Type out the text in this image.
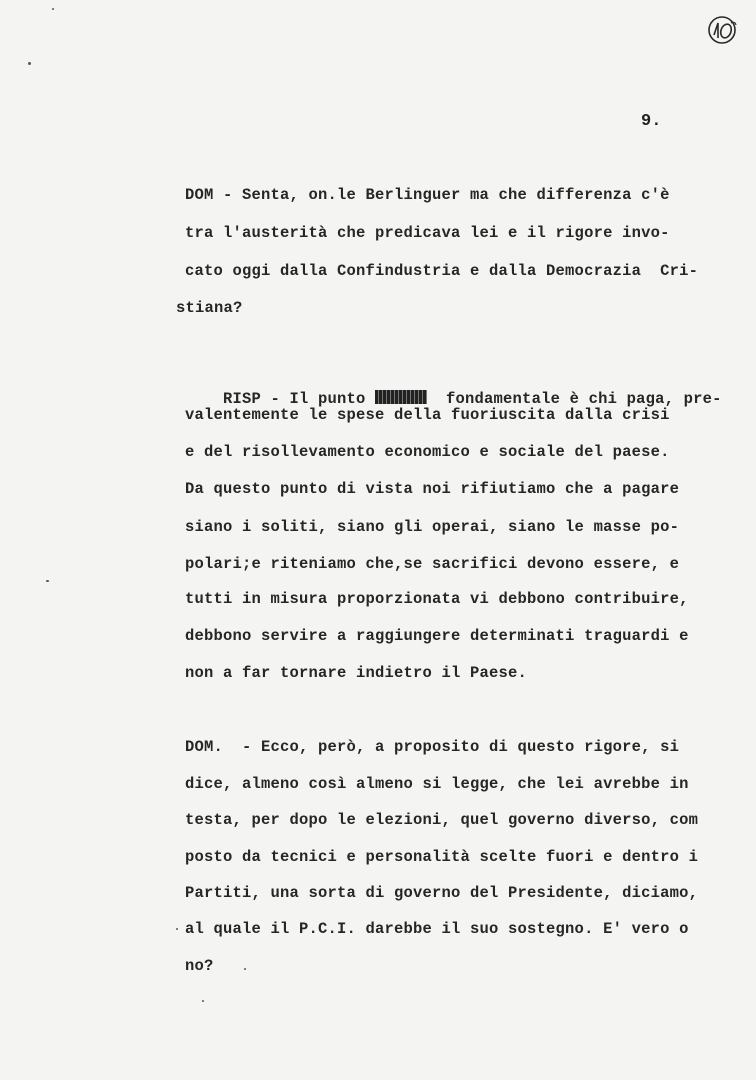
9.
DOM - Senta, on.le Berlinguer ma che differenza c'è
tra l'austerità che predicava lei e il rigore invo-
cato oggi dalla Confindustria e dalla Democrazia  Cri-
stiana?

RISP - Il punto	fondamentale è chi paga, pre-

valentemente le spese della fuoriuscita dalla crisi
e del risollevamento economico e sociale del paese.
Da questo punto di vista noi rifiutiamo che a pagare
siano i soliti, siano gli operai, siano le masse po-
polari;e riteniamo che,se sacrifici devono essere, e
tutti in misura proporzionata vi debbono contribuire,
debbono servire a raggiungere determinati traguardi e
non a far tornare indietro il Paese.
DOM.  - Ecco, però, a proposito di questo rigore, si
dice, almeno così almeno si legge, che lei avrebbe in
testa, per dopo le elezioni, quel governo diverso, com
posto da tecnici e personalità scelte fuori e dentro i
Partiti, una sorta di governo del Presidente, diciamo,
al quale il P.C.I. darebbe il suo sostegno. E' vero o
no?
